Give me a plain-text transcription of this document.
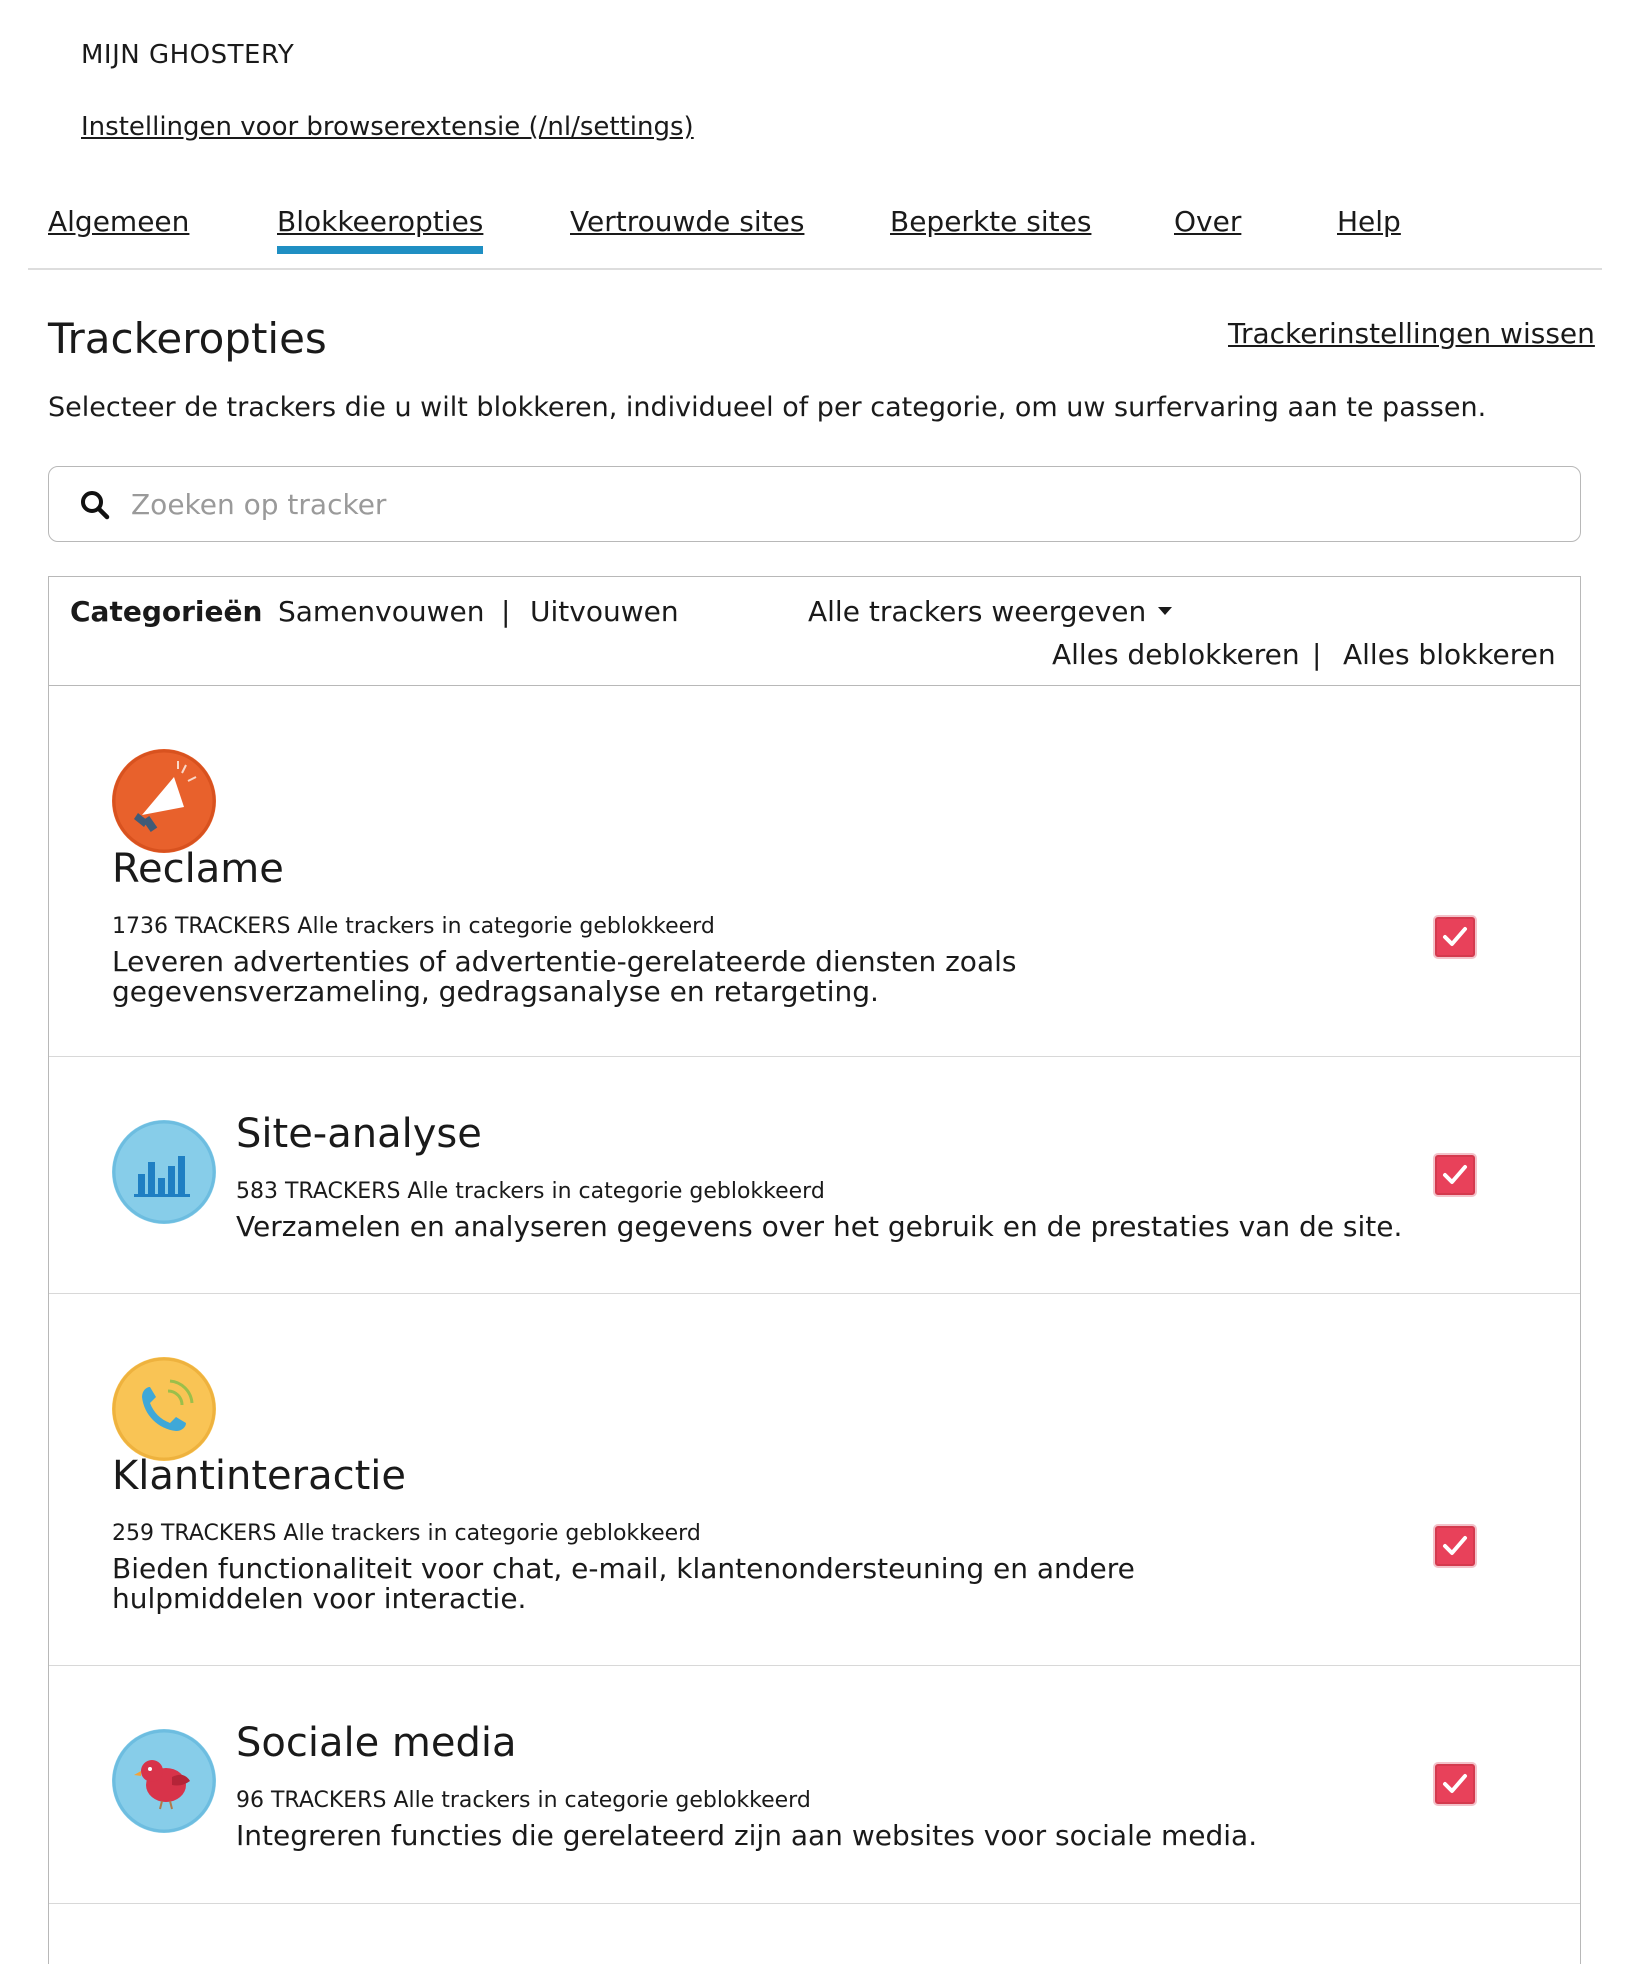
MIJN GHOSTERY
Instellingen voor browserextensie (/nl/settings)
Algemeen	Blokkeeropties	Vertrouwde sites	Beperkte sites	Over	Help
Trackeropties	Trackerinstellingen wissen

Selecteer de trackers die u wilt blokkeren, individueel of per categorie, om uw surfervaring aan te passen.

Zoeken op tracker
Categorieën Samenvouwen | Uitvouwen	Alle trackers weergeven
Alles deblokkeren | Alles blokkeren
Reclame
1736 TRACKERS Alle trackers in categorie geblokkeerd
Leveren advertenties of advertentie-gerelateerde diensten zoals gegevensverzameling, gedragsanalyse en retargeting.
Site-analyse
583 TRACKERS Alle trackers in categorie geblokkeerd
Verzamelen en analyseren gegevens over het gebruik en de prestaties van de site.
Klantinteractie
259 TRACKERS Alle trackers in categorie geblokkeerd
Bieden functionaliteit voor chat, e-mail, klantenondersteuning en andere hulpmiddelen voor interactie.
Sociale media
96 TRACKERS Alle trackers in categorie geblokkeerd
Integreren functies die gerelateerd zijn aan websites voor sociale media.
